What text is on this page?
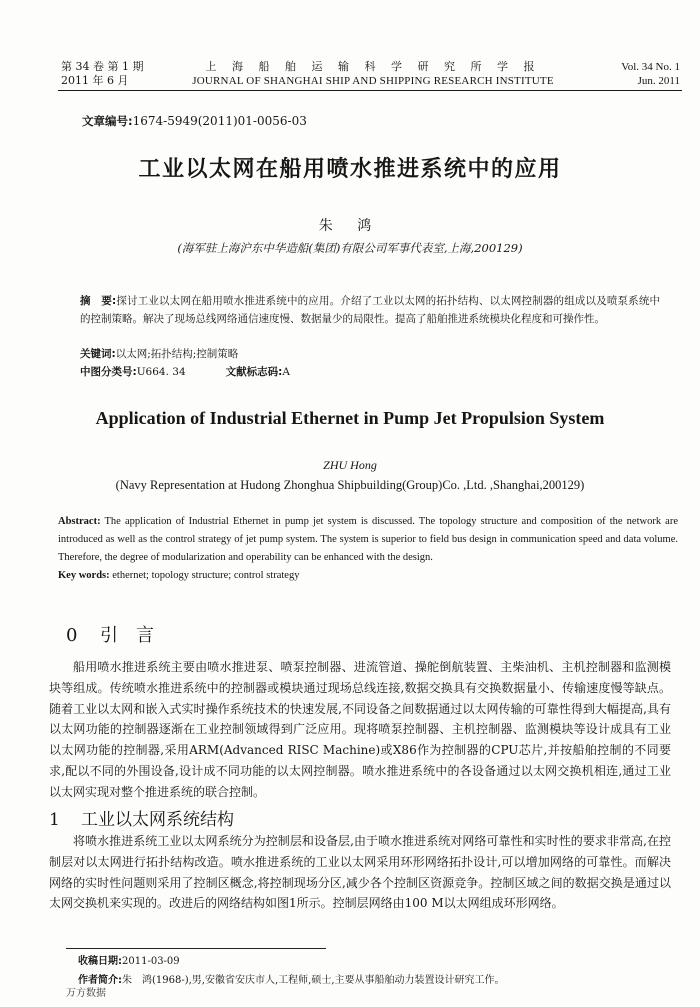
第 34 卷 第 1 期
2011 年 6 月
上 海 船 舶 运 输 科 学 研 究 所 学 报
JOURNAL OF SHANGHAI SHIP AND SHIPPING RESEARCH INSTITUTE
Vol. 34 No. 1
Jun. 2011
文章编号:1674-5949(2011)01-0056-03
工业以太网在船用喷水推进系统中的应用
朱 鸿
(海军驻上海沪东中华造船(集团)有限公司军事代表室,上海,200129)
摘　要:探讨工业以太网在船用喷水推进系统中的应用。介绍了工业以太网的拓扑结构、以太网控制器的组成以及喷泵系统中的控制策略。解决了现场总线网络通信速度慢、数据量少的局限性。提高了船舶推进系统模块化程度和可操作性。
关键词:以太网;拓扑结构;控制策略
中图分类号:U664. 34	文献标志码:A
Application of Industrial Ethernet in Pump Jet Propulsion System
ZHU Hong
(Navy Representation at Hudong Zhonghua Shipbuilding(Group)Co. ,Ltd. ,Shanghai,200129)
Abstract: The application of Industrial Ethernet in pump jet system is discussed. The topology structure and composition of the network are introduced as well as the control strategy of jet pump system. The system is superior to field bus design in communication speed and data volume. Therefore, the degree of modularization and operability can be enhanced with the design.
Key words: ethernet; topology structure; control strategy
0 引言
船用喷水推进系统主要由喷水推进泵、喷泵控制器、进流管道、操舵倒航装置、主柴油机、主机控制器和监测模块等组成。传统喷水推进系统中的控制器或模块通过现场总线连接,数据交换具有交换数据量小、传输速度慢等缺点。随着工业以太网和嵌入式实时操作系统技术的快速发展,不同设备之间数据通过以太网传输的可靠性得到大幅提高,具有以太网功能的控制器逐渐在工业控制领域得到广泛应用。现将喷泵控制器、主机控制器、监测模块等设计成具有工业以太网功能的控制器,采用ARM(Advanced RISC Machine)或X86作为控制器的CPU芯片,并按船舶控制的不同要求,配以不同的外围设备,设计成不同功能的以太网控制器。喷水推进系统中的各设备通过以太网交换机相连,通过工业以太网实现对整个推进系统的联合控制。
1 工业以太网系统结构
将喷水推进系统工业以太网系统分为控制层和设备层,由于喷水推进系统对网络可靠性和实时性的要求非常高,在控制层对以太网进行拓扑结构改造。喷水推进系统的工业以太网采用环形网络拓扑设计,可以增加网络的可靠性。而解决网络的实时性问题则采用了控制区概念,将控制现场分区,减少各个控制区资源竞争。控制区域之间的数据交换是通过以太网交换机来实现的。改进后的网络结构如图1所示。控制层网络由100 M以太网组成环形网络。
收稿日期:2011-03-09
作者简介:朱　鸿(1968-),男,安徽省安庆市人,工程师,硕士,主要从事船舶动力装置设计研究工作。
万方数据
